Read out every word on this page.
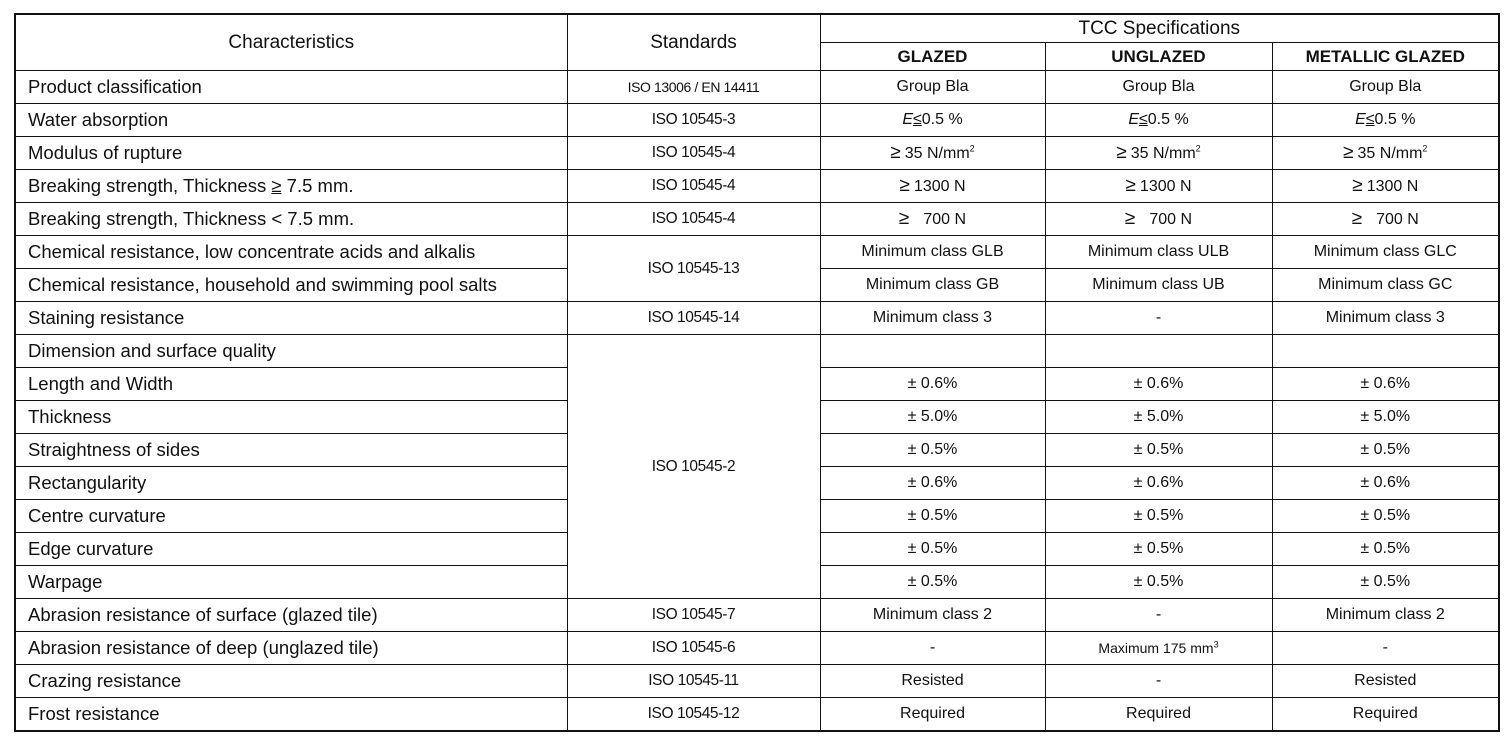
Characteristics	Standards	TCC Specifications		
		GLAZED	UNGLAZED	METALLIC GLAZED
Product classification	ISO 13006 / EN 14411	Group Bla	Group Bla	Group Bla
Water absorption	ISO 10545-3	E≤0.5 %	E≤0.5 %	E≤0.5 %
Modulus of rupture	ISO 10545-4	≥ 35 $N/mm^2$	≥ 35 $N/mm^2$	≥ 35 $N/mm^2$
Breaking strength, Thickness ≥ 7.5 mm.	ISO 10545-4	≥ 1300 N	≥ 1300 N	≥ 1300 N
Breaking strength, Thickness < 7.5 mm.	ISO 10545-4	≥ 700 N	≥ 700 N	≥ 700 N
Chemical resistance, low concentrate acids and alkalis	ISO 10545-13	Minimum class GLB	Minimum class ULB	Minimum class GLC
Chemical resistance, household and swimming pool salts		Minimum class GB	Minimum class UB	Minimum class GC
Staining resistance	ISO 10545-14	Minimum class 3	-	Minimum class 3
Dimension and surface quality	ISO 10545-2			
Length and Width		± 0.6%	± 0.6%	± 0.6%
Thickness		± 5.0%	± 5.0%	± 5.0%
Straightness of sides		± 0.5%	± 0.5%	± 0.5%
Rectangularity		± 0.6%	± 0.6%	± 0.6%
Centre curvature		± 0.5%	± 0.5%	± 0.5%
Edge curvature		± 0.5%	± 0.5%	± 0.5%
Warpage		± 0.5%	± 0.5%	± 0.5%
Abrasion resistance of surface (glazed tile)	ISO 10545-7	Minimum class 2	-	Minimum class 2
Abrasion resistance of deep (unglazed tile)	ISO 10545-6	-	Maximum 175 $mm^3$	-
Crazing resistance	ISO 10545-11	Resisted	-	Resisted
Frost resistance	ISO 10545-12	Required	Required	Required
